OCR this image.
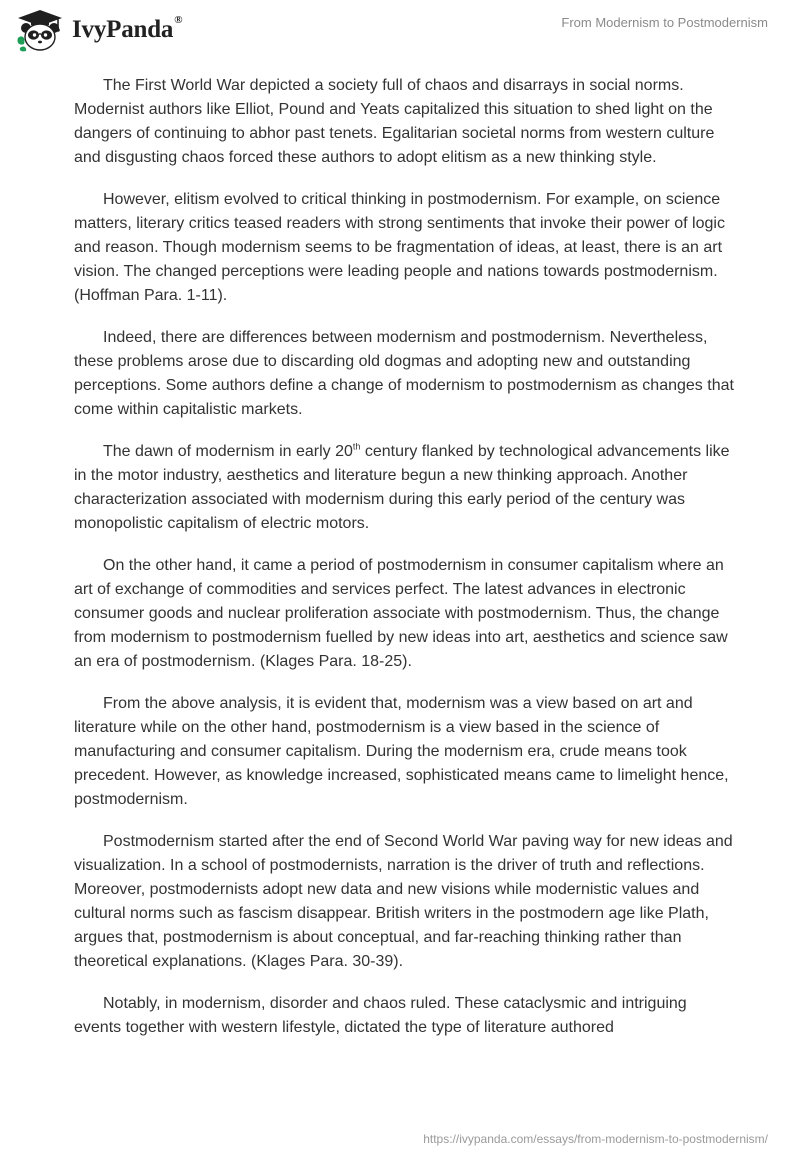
IvyPanda®	From Modernism to Postmodernism

The First World War depicted a society full of chaos and disarrays in social norms. Modernist authors like Elliot, Pound and Yeats capitalized this situation to shed light on the dangers of continuing to abhor past tenets. Egalitarian societal norms from western culture and disgusting chaos forced these authors to adopt elitism as a new thinking style.

However, elitism evolved to critical thinking in postmodernism. For example, on science matters, literary critics teased readers with strong sentiments that invoke their power of logic and reason. Though modernism seems to be fragmentation of ideas, at least, there is an art vision. The changed perceptions were leading people and nations towards postmodernism. (Hoffman Para. 1-11).

Indeed, there are differences between modernism and postmodernism. Nevertheless, these problems arose due to discarding old dogmas and adopting new and outstanding perceptions. Some authors define a change of modernism to postmodernism as changes that come within capitalistic markets.

The dawn of modernism in early 20th century flanked by technological advancements like in the motor industry, aesthetics and literature begun a new thinking approach. Another characterization associated with modernism during this early period of the century was monopolistic capitalism of electric motors.

On the other hand, it came a period of postmodernism in consumer capitalism where an art of exchange of commodities and services perfect. The latest advances in electronic consumer goods and nuclear proliferation associate with postmodernism. Thus, the change from modernism to postmodernism fuelled by new ideas into art, aesthetics and science saw an era of postmodernism. (Klages Para. 18-25).

From the above analysis, it is evident that, modernism was a view based on art and literature while on the other hand, postmodernism is a view based in the science of manufacturing and consumer capitalism. During the modernism era, crude means took precedent. However, as knowledge increased, sophisticated means came to limelight hence, postmodernism.

Postmodernism started after the end of Second World War paving way for new ideas and visualization. In a school of postmodernists, narration is the driver of truth and reflections. Moreover, postmodernists adopt new data and new visions while modernistic values and cultural norms such as fascism disappear. British writers in the postmodern age like Plath, argues that, postmodernism is about conceptual, and far-reaching thinking rather than theoretical explanations. (Klages Para. 30-39).

Notably, in modernism, disorder and chaos ruled. These cataclysmic and intriguing events together with western lifestyle, dictated the type of literature authored

https://ivypanda.com/essays/from-modernism-to-postmodernism/
